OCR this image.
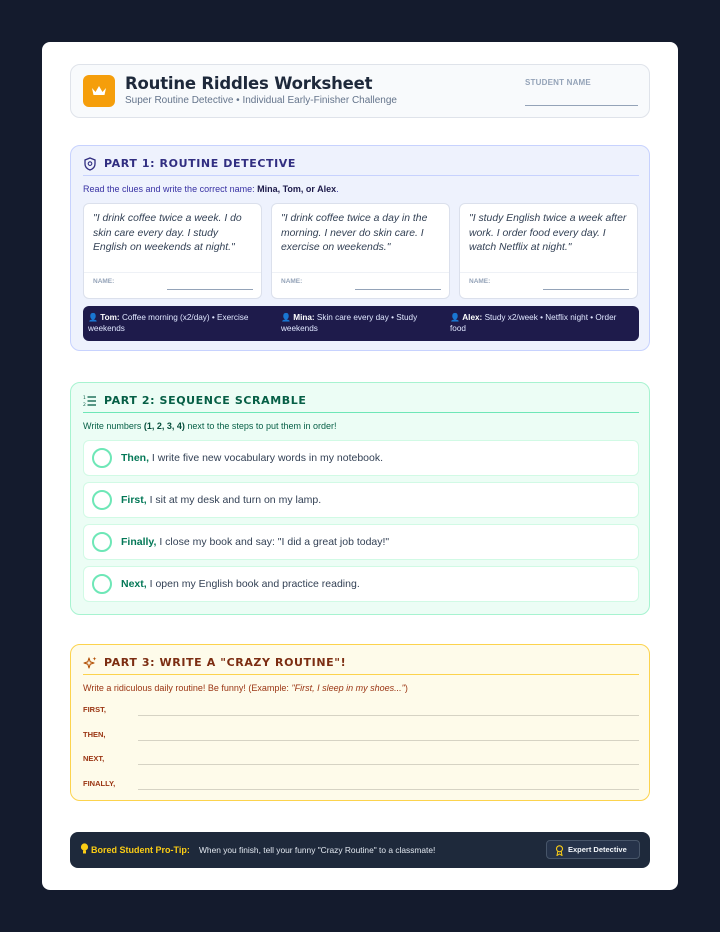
Routine Riddles Worksheet
Super Routine Detective • Individual Early-Finisher Challenge
STUDENT NAME
PART 1: ROUTINE DETECTIVE
Read the clues and write the correct name: Mina, Tom, or Alex.
"I drink coffee twice a week. I do skin care every day. I study English on weekends at night."
NAME:
"I drink coffee twice a day in the morning. I never do skin care. I exercise on weekends."
NAME:
"I study English twice a week after work. I order food every day. I watch Netflix at night."
NAME:
👤 Tom: Coffee morning (x2/day) • Exercise weekends
👤 Mina: Skin care every day • Study weekends
👤 Alex: Study x2/week • Netflix night • Order food
1
2 PART 2: SEQUENCE SCRAMBLE
Write numbers (1, 2, 3, 4) next to the steps to put them in order!
Then, I write five new vocabulary words in my notebook.
First, I sit at my desk and turn on my lamp.
Finally, I close my book and say: "I did a great job today!"
Next, I open my English book and practice reading.
PART 3: WRITE A "CRAZY ROUTINE"!
Write a ridiculous daily routine! Be funny! (Example: "First, I sleep in my shoes...")
FIRST,
THEN,
NEXT,
FINALLY,
Bored Student Pro-Tip: When you finish, tell your funny "Crazy Routine" to a classmate!	Expert Detective
